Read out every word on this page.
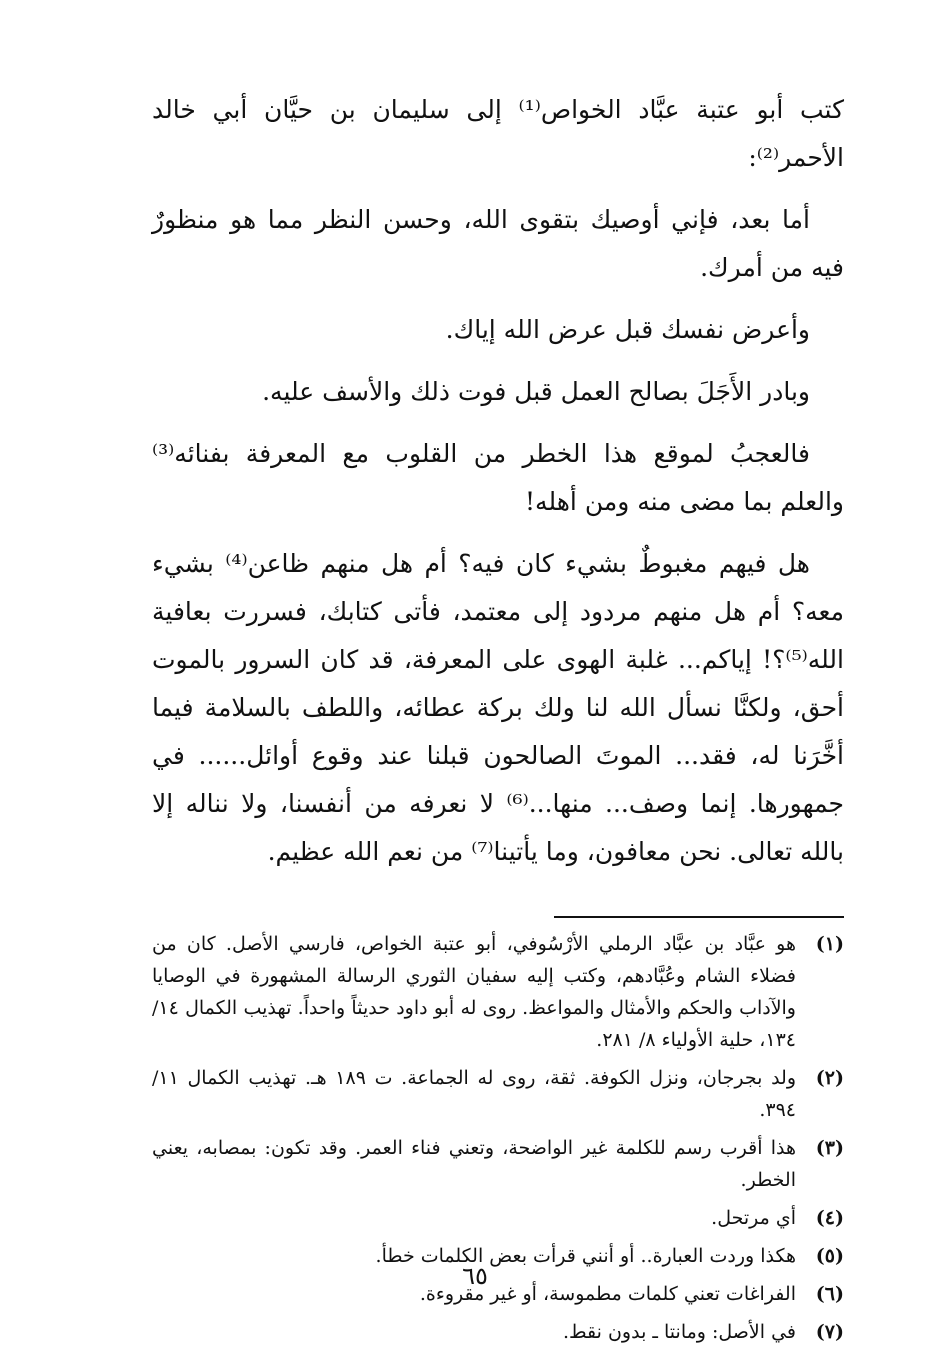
كتب أبو عتبة عبَّاد الخواص⁽¹⁾ إلى سليمان بن حيَّان أبي خالد الأحمر⁽²⁾:

أما بعد، فإني أوصيك بتقوى الله، وحسن النظر مما هو منظورٌ فيه من أمرك.

وأعرض نفسك قبل عرض الله إياك.

وبادر الأَجَلَ بصالح العمل قبل فوت ذلك والأسف عليه.

فالعجبُ لموقع هذا الخطر من القلوب مع المعرفة بفنائه⁽³⁾ والعلم بما مضى منه ومن أهله!

هل فيهم مغبوطٌ بشيء كان فيه؟ أم هل منهم ظاعن⁽⁴⁾ بشيء معه؟ أم هل منهم مردود إلى معتمد، فأتى كتابك، فسررت بعافية الله⁽⁵⁾؟! إياكم... غلبة الهوى على المعرفة، قد كان السرور بالموت أحق، ولكنَّا نسأل الله لنا ولك بركة عطائه، واللطف بالسلامة فيما أخَّرَنا له، فقد... الموتَ الصالحون قبلنا عند وقوع أوائل...... في جمهورها. إنما وصف... منها...⁽⁶⁾ لا نعرفه من أنفسنا، ولا نناله إلا بالله تعالى. نحن معافون، وما يأتينا⁽⁷⁾ من نعم الله عظيم.

(١)
هو عبَّاد بن عبَّاد الرملي الأرْسُوفي، أبو عتبة الخواص، فارسي الأصل. كان من فضلاء الشام وعُبَّادهم، وكتب إليه سفيان الثوري الرسالة المشهورة في الوصايا والآداب والحكم والأمثال والمواعظ. روى له أبو داود حديثاً واحداً. تهذيب الكمال ١٤/ ١٣٤، حلية الأولياء ٨/ ٢٨١.
(٢)
ولد بجرجان، ونزل الكوفة. ثقة، روى له الجماعة. ت ١٨٩ هـ. تهذيب الكمال ١١/ ٣٩٤.
(٣)
هذا أقرب رسم للكلمة غير الواضحة، وتعني فناء العمر. وقد تكون: بمصابه، يعني الخطر.
(٤)
أي مرتحل.
(٥)
هكذا وردت العبارة.. أو أنني قرأت بعض الكلمات خطأ.
(٦)
الفراغات تعني كلمات مطموسة، أو غير مقروءة.
(٧)
في الأصل: ومانتا ـ بدون نقط.
٦٥
